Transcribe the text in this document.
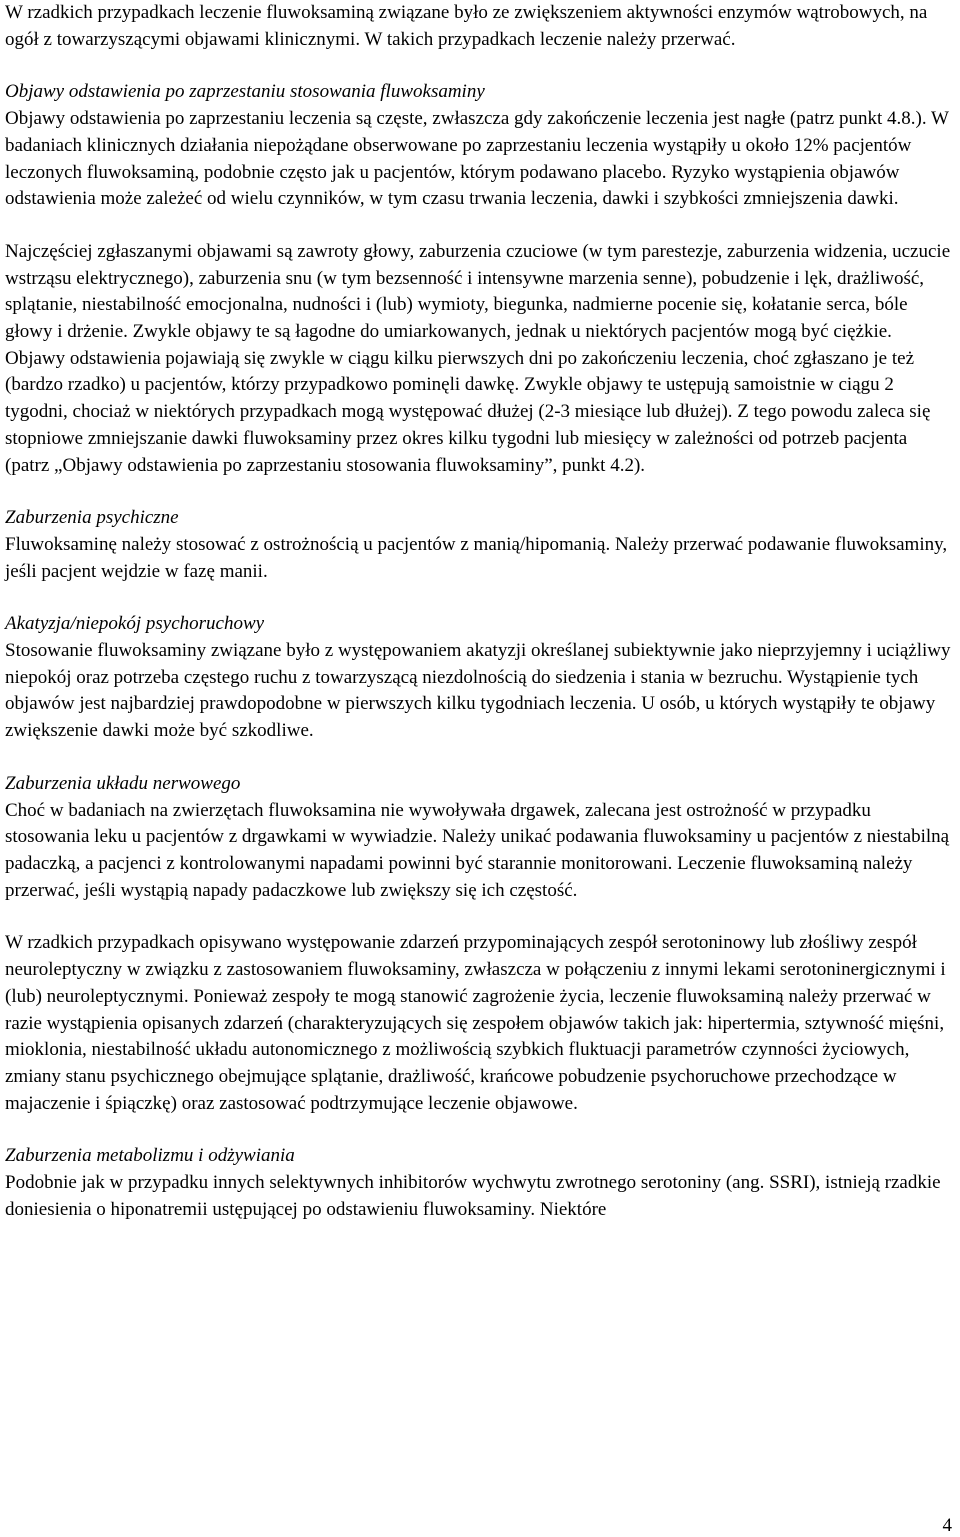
W rzadkich przypadkach leczenie fluwoksaminą związane było ze zwiększeniem aktywności enzymów wątrobowych, na ogół z towarzyszącymi objawami klinicznymi. W takich przypadkach leczenie należy przerwać.

Objawy odstawienia po zaprzestaniu stosowania fluwoksaminy

Objawy odstawienia po zaprzestaniu leczenia są częste, zwłaszcza gdy zakończenie leczenia jest nagłe (patrz punkt 4.8.). W badaniach klinicznych działania niepożądane obserwowane po zaprzestaniu leczenia wystąpiły u około 12% pacjentów leczonych fluwoksaminą, podobnie często jak u pacjentów, którym podawano placebo. Ryzyko wystąpienia objawów odstawienia może zależeć od wielu czynników, w tym czasu trwania leczenia, dawki i szybkości zmniejszenia dawki.

Najczęściej zgłaszanymi objawami są zawroty głowy, zaburzenia czuciowe (w tym parestezje, zaburzenia widzenia, uczucie wstrząsu elektrycznego), zaburzenia snu (w tym bezsenność i intensywne marzenia senne), pobudzenie i lęk, drażliwość, splątanie, niestabilność emocjonalna, nudności i (lub) wymioty, biegunka, nadmierne pocenie się, kołatanie serca, bóle głowy i drżenie. Zwykle objawy te są łagodne do umiarkowanych, jednak u niektórych pacjentów mogą być ciężkie. Objawy odstawienia pojawiają się zwykle w ciągu kilku pierwszych dni po zakończeniu leczenia, choć zgłaszano je też (bardzo rzadko) u pacjentów, którzy przypadkowo pominęli dawkę. Zwykle objawy te ustępują samoistnie w ciągu 2 tygodni, chociaż w niektórych przypadkach mogą występować dłużej (2-3 miesiące lub dłużej). Z tego powodu zaleca się stopniowe zmniejszanie dawki fluwoksaminy przez okres kilku tygodni lub miesięcy w zależności od potrzeb pacjenta (patrz „Objawy odstawienia po zaprzestaniu stosowania fluwoksaminy”, punkt 4.2).

Zaburzenia psychiczne

Fluwoksaminę należy stosować z ostrożnością u pacjentów z manią/hipomanią. Należy przerwać podawanie fluwoksaminy, jeśli pacjent wejdzie w fazę manii.

Akatyzja/niepokój psychoruchowy

Stosowanie fluwoksaminy związane było z występowaniem akatyzji określanej subiektywnie jako nieprzyjemny i uciążliwy niepokój oraz potrzeba częstego ruchu z towarzyszącą niezdolnością do siedzenia i stania w bezruchu. Wystąpienie tych objawów jest najbardziej prawdopodobne w pierwszych kilku tygodniach leczenia. U osób, u których wystąpiły te objawy zwiększenie dawki może być szkodliwe.

Zaburzenia układu nerwowego

Choć w badaniach na zwierzętach fluwoksamina nie wywoływała drgawek, zalecana jest ostrożność w przypadku stosowania leku u pacjentów z drgawkami w wywiadzie. Należy unikać podawania fluwoksaminy u pacjentów z niestabilną padaczką, a pacjenci z kontrolowanymi napadami powinni być starannie monitorowani. Leczenie fluwoksaminą należy przerwać, jeśli wystąpią napady padaczkowe lub zwiększy się ich częstość.

W rzadkich przypadkach opisywano występowanie zdarzeń przypominających zespół serotoninowy lub złośliwy zespół neuroleptyczny w związku z zastosowaniem fluwoksaminy, zwłaszcza w połączeniu z innymi lekami serotoninergicznymi i (lub) neuroleptycznymi. Ponieważ zespoły te mogą stanowić zagrożenie życia, leczenie fluwoksaminą należy przerwać w razie wystąpienia opisanych zdarzeń (charakteryzujących się zespołem objawów takich jak: hipertermia, sztywność mięśni, mioklonia, niestabilność układu autonomicznego z możliwością szybkich fluktuacji parametrów czynności życiowych, zmiany stanu psychicznego obejmujące splątanie, drażliwość, krańcowe pobudzenie psychoruchowe przechodzące w majaczenie i śpiączkę) oraz zastosować podtrzymujące leczenie objawowe.

Zaburzenia metabolizmu i odżywiania

Podobnie jak w przypadku innych selektywnych inhibitorów wychwytu zwrotnego serotoniny (ang. SSRI), istnieją rzadkie doniesienia o hiponatremii ustępującej po odstawieniu fluwoksaminy. Niektóre

4
